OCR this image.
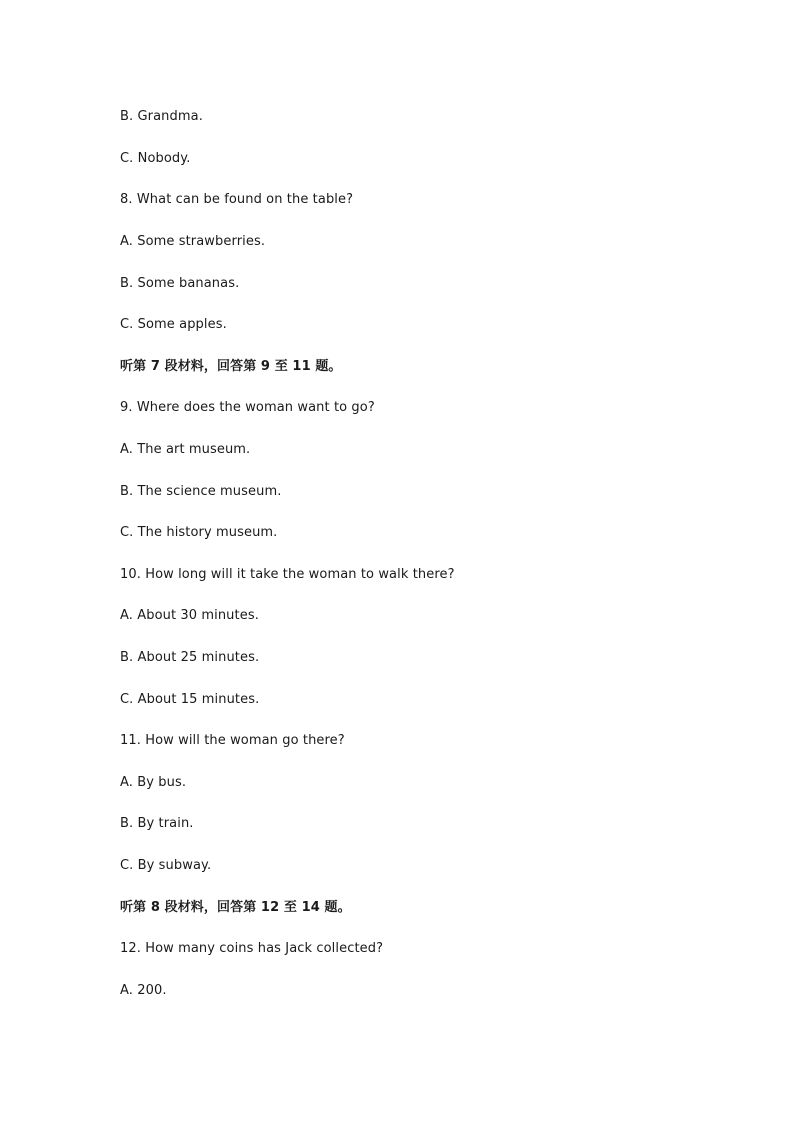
B. Grandma.
C. Nobody.
8. What can be found on the table?
A. Some strawberries.
B. Some bananas.
C. Some apples.
听第 7 段材料，回答第 9 至 11 题。
9. Where does the woman want to go?
A. The art museum.
B. The science museum.
C. The history museum.
10. How long will it take the woman to walk there?
A. About 30 minutes.
B. About 25 minutes.
C. About 15 minutes.
11. How will the woman go there?
A. By bus.
B. By train.
C. By subway.
听第 8 段材料，回答第 12 至 14 题。
12. How many coins has Jack collected?
A. 200.
